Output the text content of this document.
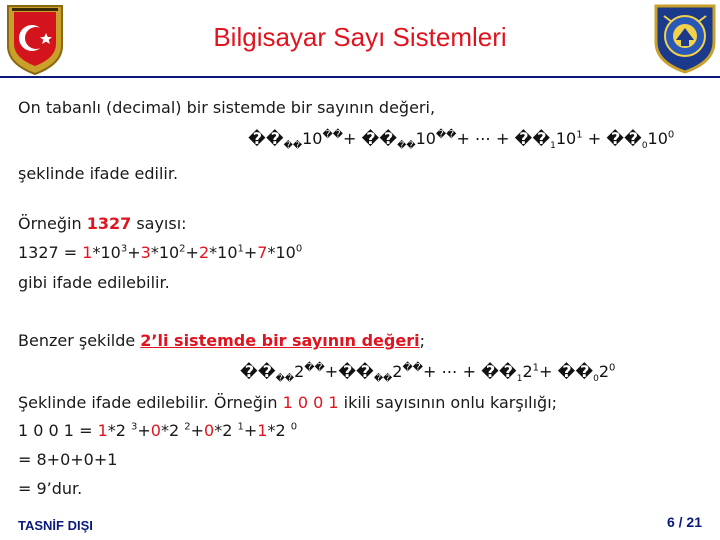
Bilgisayar Sayı Sistemleri
On tabanlı (decimal) bir sistemde bir sayının değeri,
$��_{��}10^{��}+$ $��_{��}10^{��}+$ ⋯ + $��_110^1$ + $��_010^0$
şeklinde ifade edilir.
Örneğin 1327 sayısı:
$1327 = 1*10^3+3*10^2+2*10^1+7*10^0$
gibi ifade edilebilir.
Benzer şekilde 2’li sistemde bir sayının değeri;
$��_{��}2^{��}+��_{��}2^{��}+$ ⋯ + $��_12^1+$ $��_02^0$
Şeklinde ifade edilebilir. Örneğin 1 0 0 1 ikili sayısının onlu karşılığı;
1 0 0 1 = 1*2 $^3$+0*2 $^2$+0*2 $^1$+1*2 $^0$
= 8+0+0+1
= 9’dur.
TASNİF DIŞI	6 / 21
